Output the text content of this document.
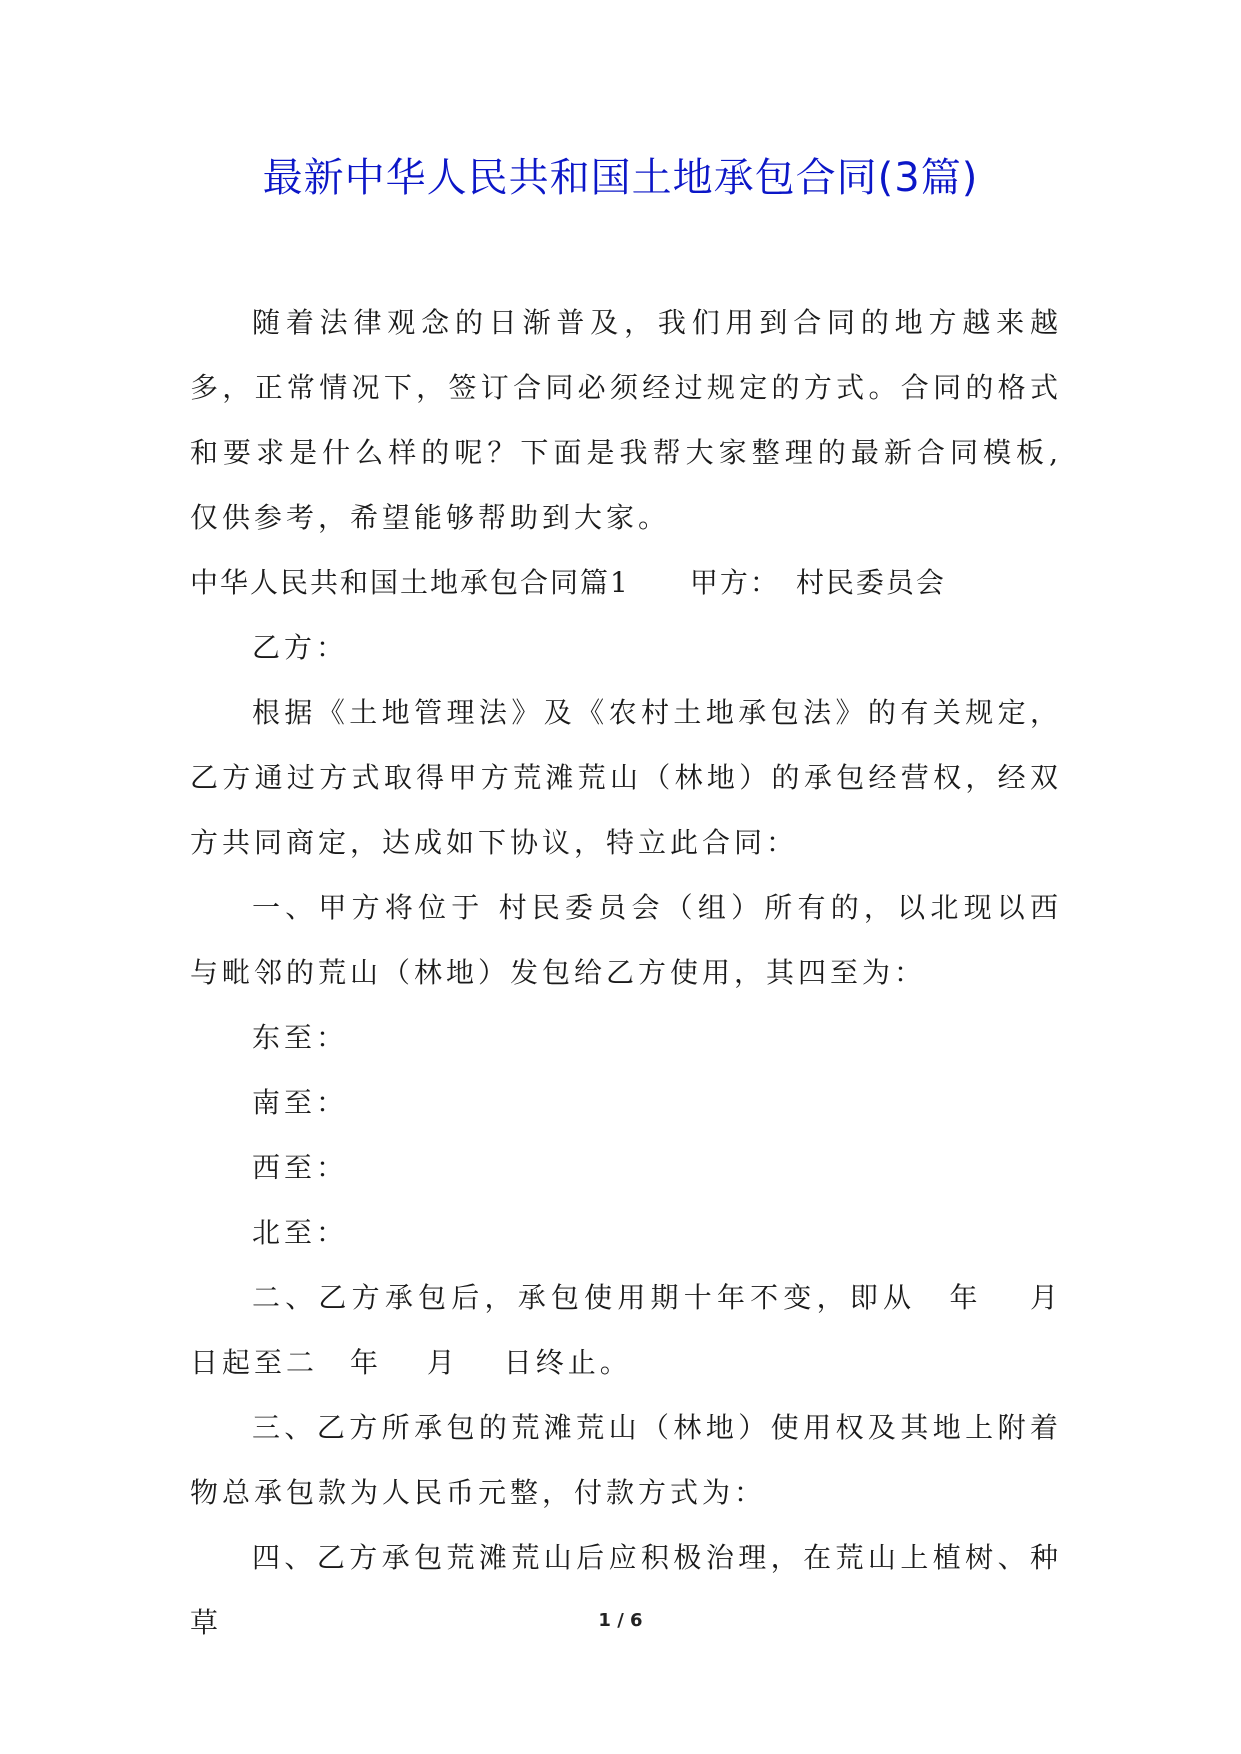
最新中华人民共和国土地承包合同(3篇)

随着法律观念的日渐普及，我们用到合同的地方越来越多，正常情况下，签订合同必须经过规定的方式。合同的格式和要求是什么样的呢？下面是我帮大家整理的最新合同模板,仅供参考，希望能够帮助到大家。

中华人民共和国土地承包合同篇1　　甲方：　村民委员会

乙方：

根据《土地管理法》及《农村土地承包法》的有关规定，乙方通过方式取得甲方荒滩荒山（林地）的承包经营权，经双方共同商定，达成如下协议，特立此合同：

一、甲方将位于 村民委员会（组）所有的，以北现以西与毗邻的荒山（林地）发包给乙方使用，其四至为：

东至：

南至：

西至：

北至：

二、乙方承包后，承包使用期十年不变，即从　年　 月　 日起至二　年　 月　 日终止。

三、乙方所承包的荒滩荒山（林地）使用权及其地上附着物总承包款为人民币元整，付款方式为：

四、乙方承包荒滩荒山后应积极治理，在荒山上植树、种草	1 / 6
